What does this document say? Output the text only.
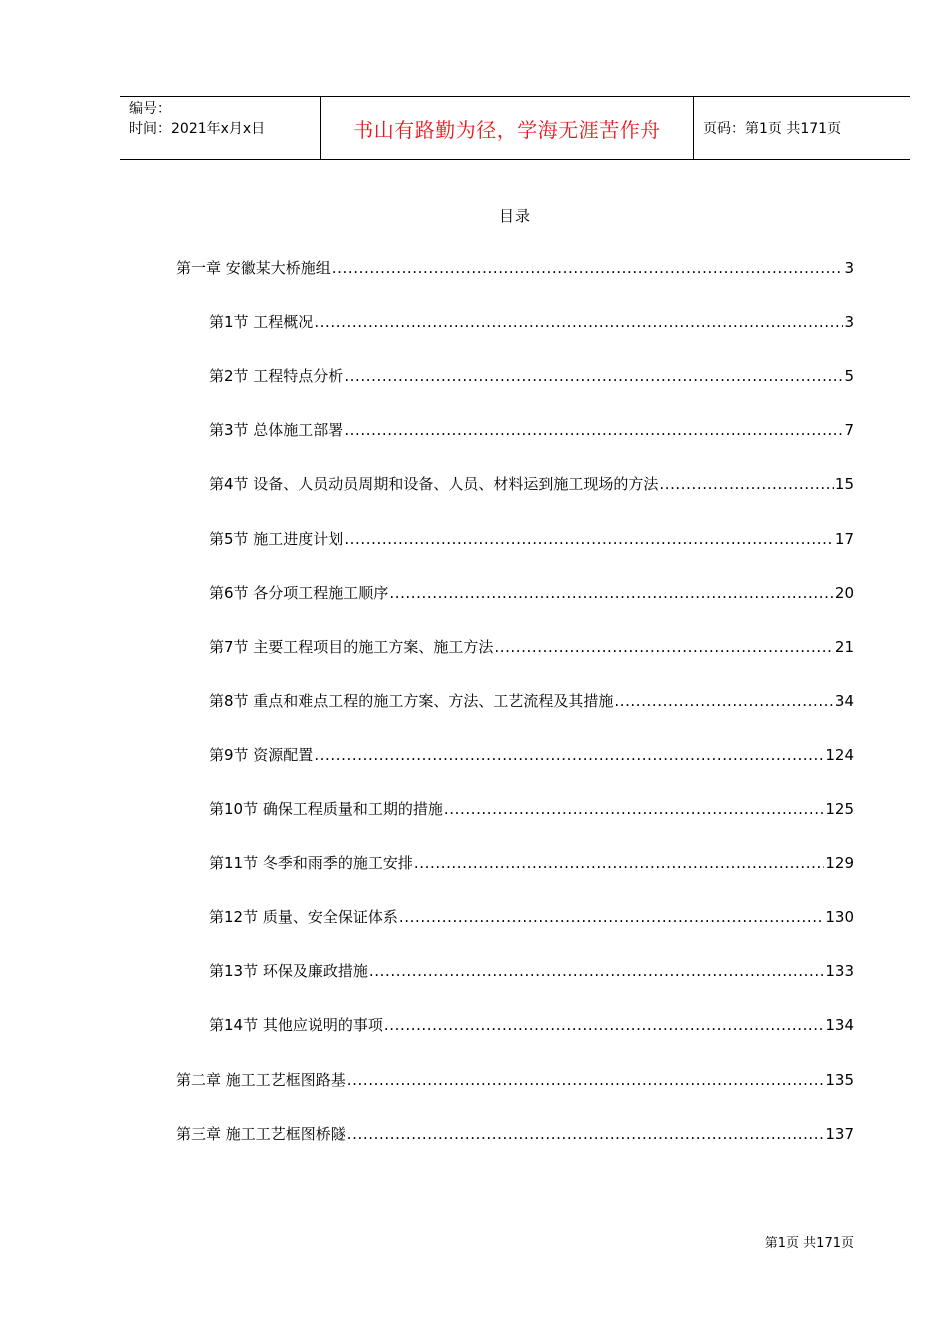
编号：
时间：2021年x月x日	书山有路勤为径，学海无涯苦作舟	页码：第1页 共171页
目录
第一章 安徽某大桥施组 .....	3
第1节 工程概况 .....	3
第2节 工程特点分析 .....	5
第3节 总体施工部署 .....	7
第4节 设备、人员动员周期和设备、人员、材料运到施工现场的方法 .....	15
第5节 施工进度计划 .....	17
第6节 各分项工程施工顺序 .....	20
第7节 主要工程项目的施工方案、施工方法 .....	21
第8节 重点和难点工程的施工方案、方法、工艺流程及其措施 .....	34
第9节 资源配置 .....	124
第10节 确保工程质量和工期的措施 .....	125
第11节 冬季和雨季的施工安排 .....	129
第12节 质量、安全保证体系 .....	130
第13节 环保及廉政措施 .....	133
第14节 其他应说明的事项 .....	134
第二章 施工工艺框图路基 .....	135
第三章 施工工艺框图桥隧 .....	137
第1页 共171页
